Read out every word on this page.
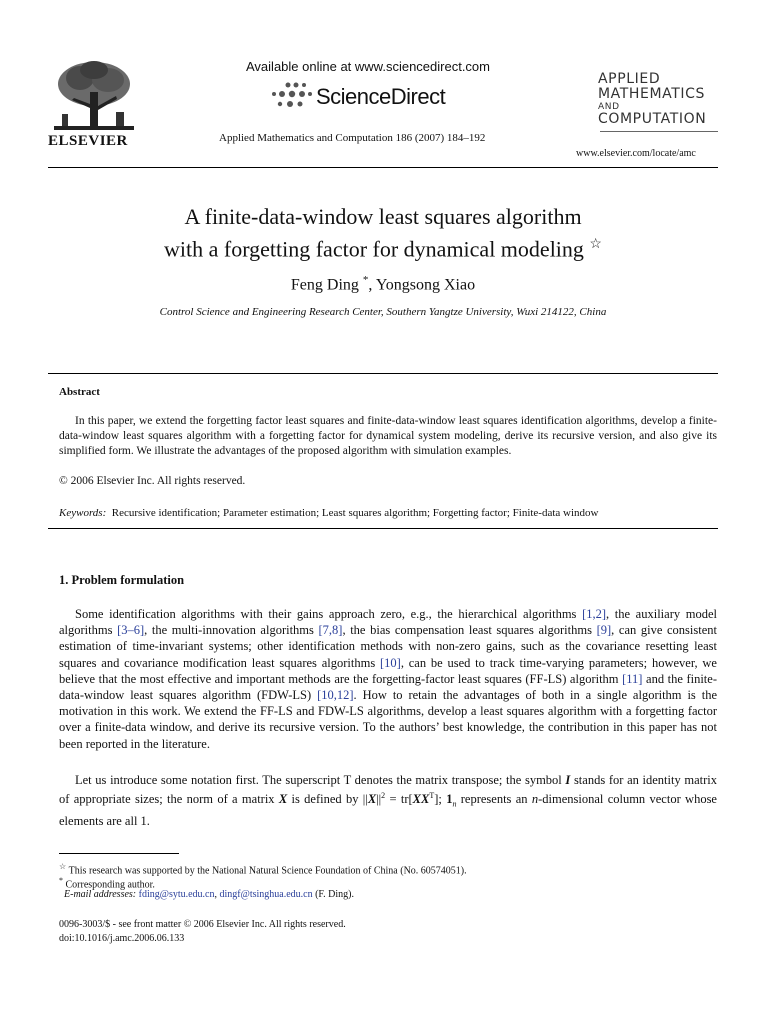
ELSEVIER
Available online at www.sciencedirect.com
ScienceDirect
Applied Mathematics and Computation 186 (2007) 184–192
APPLIED
MATHEMATICS
AND
COMPUTATION
www.elsevier.com/locate/amc
A finite-data-window least squares algorithm
with a forgetting factor for dynamical modeling ☆
Feng Ding *, Yongsong Xiao
Control Science and Engineering Research Center, Southern Yangtze University, Wuxi 214122, China
Abstract

In this paper, we extend the forgetting factor least squares and finite-data-window least squares identification algorithms, develop a finite-data-window least squares algorithm with a forgetting factor for dynamical system modeling, derive its recursive version, and also give its simplified form. We illustrate the advantages of the proposed algorithm with simulation examples.

© 2006 Elsevier Inc. All rights reserved.
Keywords: Recursive identification; Parameter estimation; Least squares algorithm; Forgetting factor; Finite-data window
1. Problem formulation
Some identification algorithms with their gains approach zero, e.g., the hierarchical algorithms [1,2], the auxiliary model algorithms [3–6], the multi-innovation algorithms [7,8], the bias compensation least squares algorithms [9], can give consistent estimation of time-invariant systems; other identification methods with non-zero gains, such as the covariance resetting least squares and covariance modification least squares algorithms [10], can be used to track time-varying parameters; however, we believe that the most effective and important methods are the forgetting-factor least squares (FF-LS) algorithm [11] and the finite-data-window least squares algorithm (FDW-LS) [10,12]. How to retain the advantages of both in a single algorithm is the motivation in this work. We extend the FF-LS and FDW-LS algorithms, develop a least squares algorithm with a forgetting factor over a finite-data window, and derive its recursive version. To the authors’ best knowledge, the contribution in this paper has not been reported in the literature.
Let us introduce some notation first. The superscript T denotes the matrix transpose; the symbol I stands for an identity matrix of appropriate sizes; the norm of a matrix X is defined by $||X||^2 = tr[XX^T]$; $1_n$ represents an n-dimensional column vector whose elements are all 1.
☆ This research was supported by the National Natural Science Foundation of China (No. 60574051).
* Corresponding author.
E-mail addresses: fding@sytu.edu.cn, dingf@tsinghua.edu.cn (F. Ding).
0096-3003/$ - see front matter © 2006 Elsevier Inc. All rights reserved.
doi:10.1016/j.amc.2006.06.133
